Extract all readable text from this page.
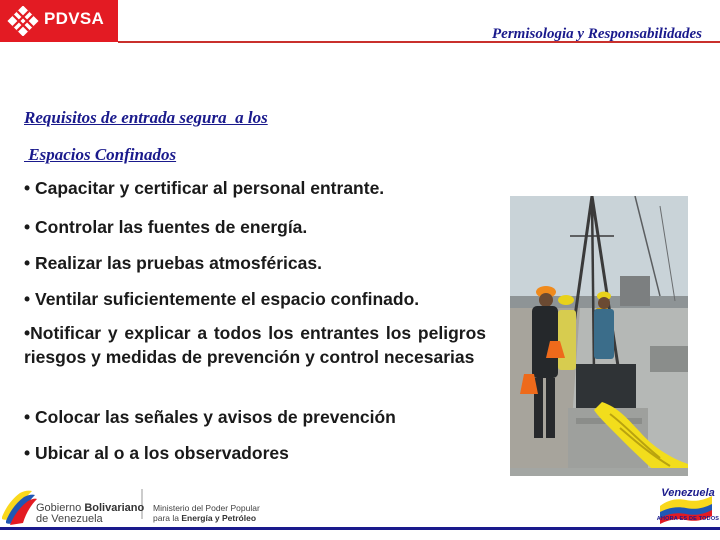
PDVSA
Permisologia y Responsabilidades
Requisitos de entrada segura  a los
Espacios Confinados
• Capacitar y certificar al personal entrante.
• Controlar las fuentes de energía.
• Realizar las pruebas atmosféricas.
• Ventilar suficientemente el espacio confinado.
•Notificar y explicar a todos los entrantes los peligros riesgos y medidas de prevención y control necesarias
• Colocar las señales y avisos de prevención
• Ubicar al o a los observadores
Gobierno Bolivariano
de Venezuela
Ministerio del Poder Popular
para la Energía y Petróleo
Venezuela
AHORA ES DE TODOS
